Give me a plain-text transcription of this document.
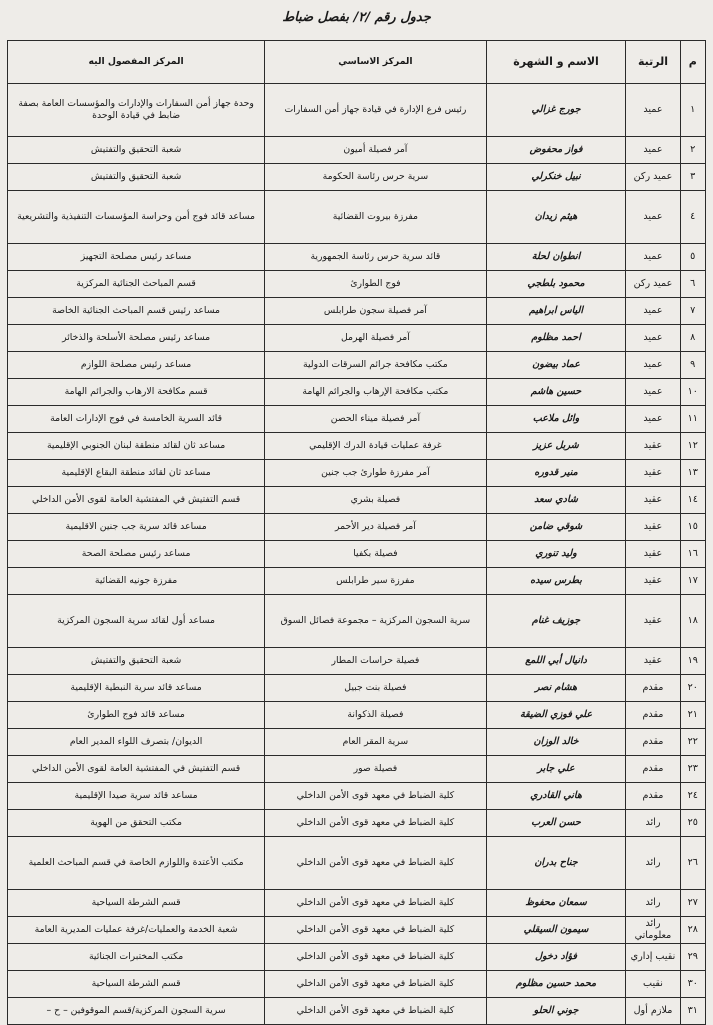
جدول رقم /٢/ بفصل ضباط
م	الرتبة	الاسم و الشهرة	المركز الاساسي	المركز المفصول اليه
١	عميد	جورج غزالي	رئيس فرع الإدارة في قيادة جهاز أمن السفارات	وحدة جهاز أمن السفارات والإدارات والمؤسسات العامة بصفة ضابط في قيادة الوحدة
٢	عميد	فواز محفوض	آمر فصيلة أميون	شعبة التحقيق والتفتيش
٣	عميد ركن	نبيل خنكرلي	سرية حرس رئاسة الحكومة	شعبة التحقيق والتفتيش
٤	عميد	هيثم زيدان	مفرزة بيروت القضائية	مساعد قائد فوج أمن وحراسة المؤسسات التنفيذية والتشريعية
٥	عميد	انطوان لحلة	قائد سرية حرس رئاسة الجمهورية	مساعد رئيس مصلحة التجهيز
٦	عميد ركن	محمود بلطجي	فوج الطوارئ	قسم المباحث الجنائية المركزية
٧	عميد	الياس ابراهيم	آمر فصيلة سجون طرابلس	مساعد رئيس قسم المباحث الجنائية الخاصة
٨	عميد	احمد مظلوم	آمر فصيلة الهرمل	مساعد رئيس مصلحة الأسلحة والذخائر
٩	عميد	عماد بيضون	مكتب مكافحة جرائم السرقات الدولية	مساعد رئيس مصلحة اللوازم
١٠	عميد	حسين هاشم	مكتب مكافحة الإرهاب والجرائم الهامة	قسم مكافحة الارهاب والجرائم الهامة
١١	عميد	وائل ملاعب	آمر فصيلة ميناء الحصن	قائد السرية الخامسة في فوج الإدارات العامة
١٢	عقيد	شربل عزيز	غرفة عمليات قيادة الدرك الإقليمي	مساعد ثان لقائد منطقة لبنان الجنوبي الإقليمية
١٣	عقيد	منير قدوره	آمر مفرزة طوارئ جب جنين	مساعد ثان لقائد منطقة البقاع الإقليمية
١٤	عقيد	شادي سعد	فصيلة بشري	قسم التفتيش في المفتشية العامة لقوى الأمن الداخلي
١٥	عقيد	شوقي ضامن	آمر فصيلة دير الأحمر	مساعد قائد سرية جب جنين الاقليمية
١٦	عقيد	وليد تنوري	فصيلة بكفيا	مساعد رئيس مصلحة الصحة
١٧	عقيد	بطرس سيده	مفرزة سير طرابلس	مفرزة جونيه القضائية
١٨	عقيد	جوزيف غنام	سرية السجون المركزية – مجموعة فصائل السوق	مساعد أول لقائد سرية السجون المركزية
١٩	عقيد	دانيال أبي اللمع	فصيلة حراسات المطار	شعبة التحقيق والتفتيش
٢٠	مقدم	هشام نصر	فصيلة بنت جبيل	مساعد قائد سرية النبطية الإقليمية
٢١	مقدم	علي فوزي الضيقة	فصيلة الذكوانة	مساعد قائد فوج الطوارئ
٢٢	مقدم	خالد الوزان	سرية المقر العام	الديوان/ بتصرف اللواء المدير العام
٢٣	مقدم	علي جابر	فصيلة صور	قسم التفتيش في المفتشية العامة لقوى الأمن الداخلي
٢٤	مقدم	هاني القادري	كلية الضباط في معهد قوى الأمن الداخلي	مساعد قائد سرية صيدا الإقليمية
٢٥	رائد	حسن العرب	كلية الضباط في معهد قوى الأمن الداخلي	مكتب التحقق من الهوية
٢٦	رائد	جناح بدران	كلية الضباط في معهد قوى الأمن الداخلي	مكتب الأعتدة واللوازم الخاصة في قسم المباحث العلمية
٢٧	رائد	سمعان محفوظ	كلية الضباط في معهد قوى الأمن الداخلي	قسم الشرطة السياحية
٢٨	رائد معلوماتي	سيمون السيقلي	كلية الضباط في معهد قوى الأمن الداخلي	شعبة الخدمة والعمليات/غرفة عمليات المديرية العامة
٢٩	نقيب إداري	فؤاد دخول	كلية الضباط في معهد قوى الأمن الداخلي	مكتب المختبرات الجنائية
٣٠	نقيب	محمد حسين مظلوم	كلية الضباط في معهد قوى الأمن الداخلي	قسم الشرطة السياحية
٣١	ملازم أول	جوني الحلو	كلية الضباط في معهد قوى الأمن الداخلي	سرية السجون المركزية/قسم الموقوفين – ح –
